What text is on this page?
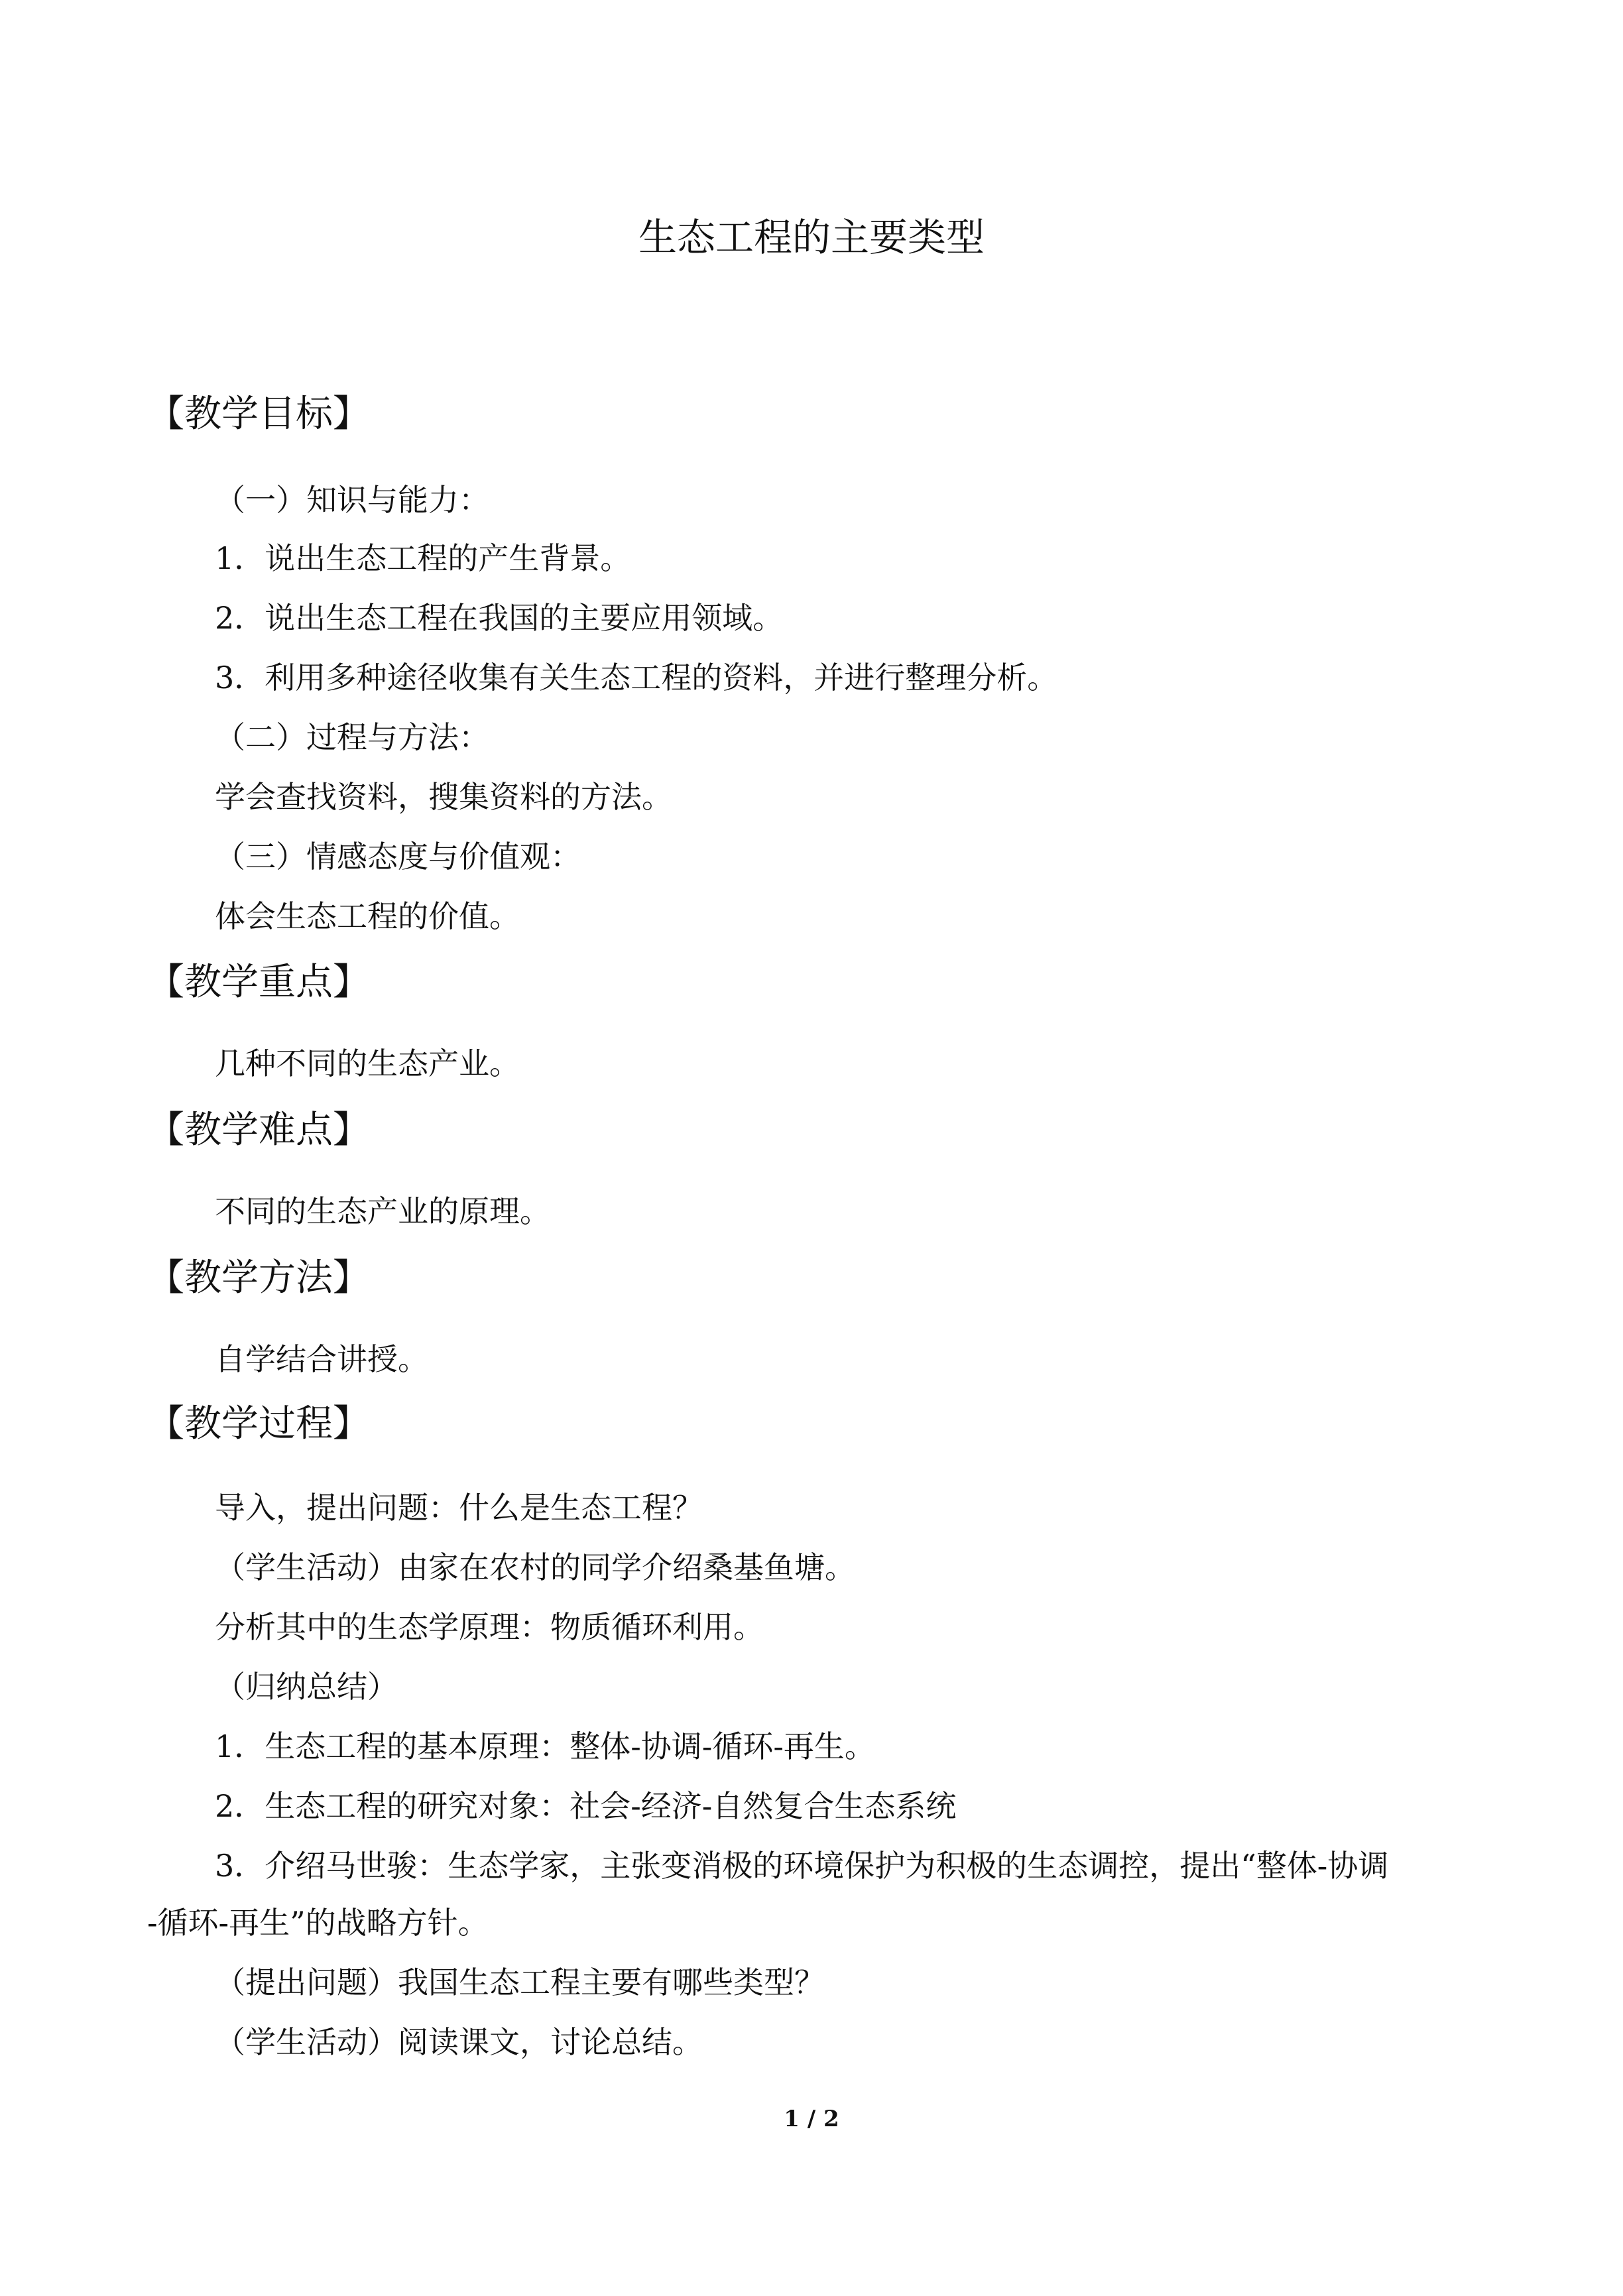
生态工程的主要类型
【教学目标】
（一）知识与能力：
1．说出生态工程的产生背景。
2．说出生态工程在我国的主要应用领域。
3．利用多种途径收集有关生态工程的资料，并进行整理分析。
（二）过程与方法：
学会查找资料，搜集资料的方法。
（三）情感态度与价值观：
体会生态工程的价值。
【教学重点】
几种不同的生态产业。
【教学难点】
不同的生态产业的原理。
【教学方法】
自学结合讲授。
【教学过程】
导入，提出问题：什么是生态工程？
（学生活动）由家在农村的同学介绍桑基鱼塘。
分析其中的生态学原理：物质循环利用。
（归纳总结）
1．生态工程的基本原理：整体-协调-循环-再生。
2．生态工程的研究对象：社会-经济-自然复合生态系统
3．介绍马世骏：生态学家，主张变消极的环境保护为积极的生态调控，提出“整体-协调
-循环-再生”的战略方针。
（提出问题）我国生态工程主要有哪些类型？
（学生活动）阅读课文，讨论总结。
1 / 2
